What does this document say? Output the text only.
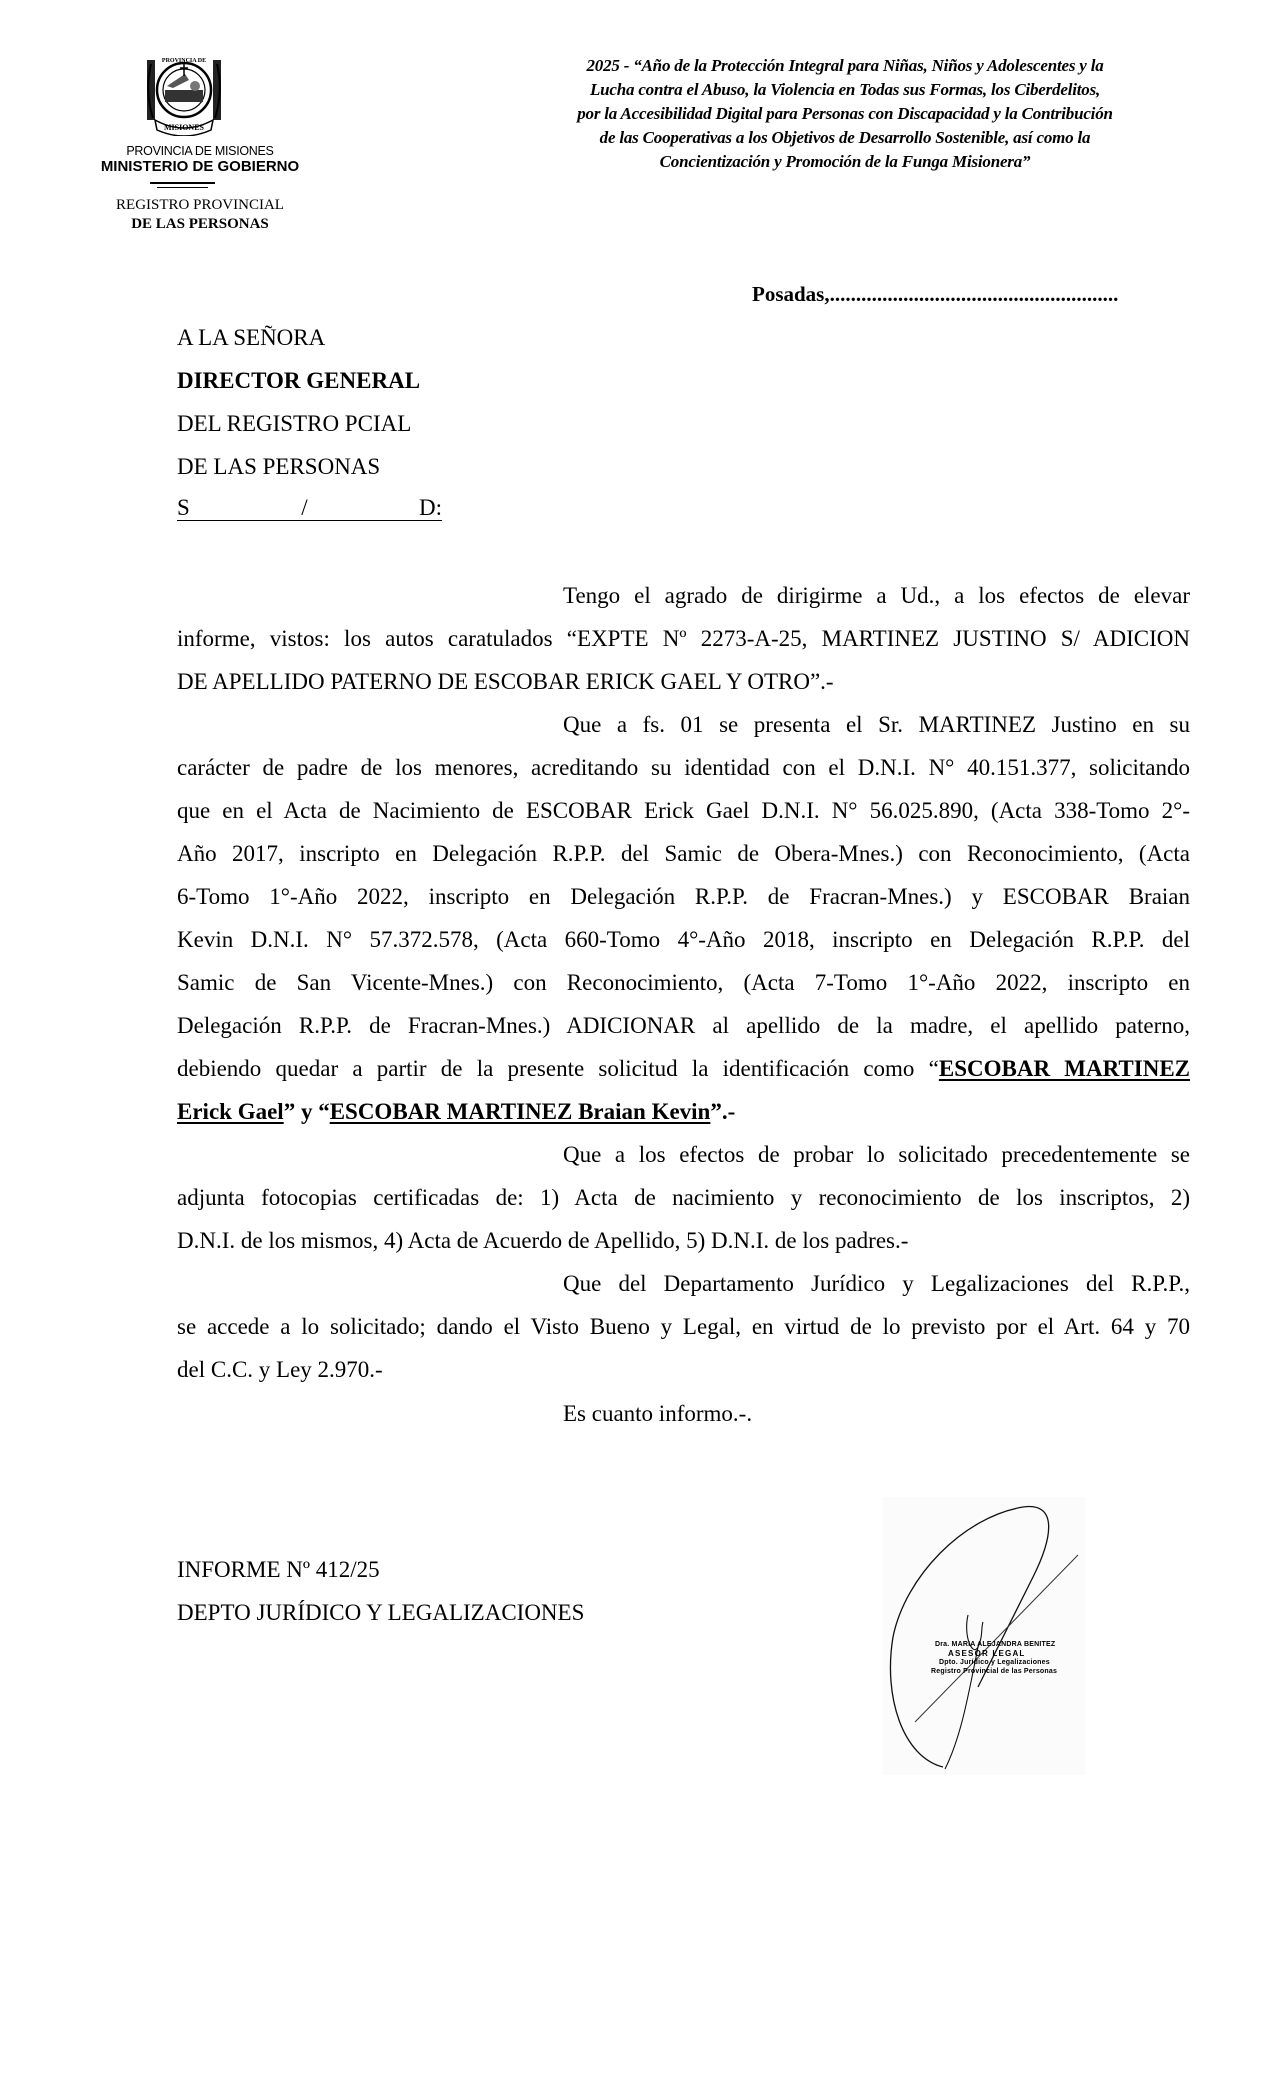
MISIONES
PROVINCIA DE
PROVINCIA DE MISIONES
MINISTERIO DE GOBIERNO
REGISTRO PROVINCIAL
DE LAS PERSONAS
2025 - “Año de la Protección Integral para Niñas, Niños y Adolescentes y la
Lucha contra el Abuso, la Violencia en Todas sus Formas, los Ciberdelitos,
por la Accesibilidad Digital para Personas con Discapacidad y la Contribución
de las Cooperativas a los Objetivos de Desarrollo Sostenible, así como la
Concientización y Promoción de la Funga Misionera”
Posadas,.......................................................
A LA SEÑORA
DIRECTOR GENERAL
DEL REGISTRO PCIAL
DE LAS PERSONAS
S	/	D:
Tengo el agrado de dirigirme a Ud., a los efectos de elevar
informe, vistos: los autos caratulados “EXPTE Nº 2273-A-25, MARTINEZ JUSTINO S/ ADICION
DE APELLIDO PATERNO DE ESCOBAR ERICK GAEL Y OTRO”.-
Que a fs. 01 se presenta el Sr. MARTINEZ Justino en su
carácter de padre de los menores, acreditando su identidad con el D.N.I. N° 40.151.377, solicitando
que en el Acta de Nacimiento de ESCOBAR Erick Gael D.N.I. N° 56.025.890, (Acta 338-Tomo 2°-
Año 2017, inscripto en Delegación R.P.P. del Samic de Obera-Mnes.) con Reconocimiento, (Acta
6-Tomo 1°-Año 2022, inscripto en Delegación R.P.P. de Fracran-Mnes.) y ESCOBAR Braian
Kevin D.N.I. N° 57.372.578, (Acta 660-Tomo 4°-Año 2018, inscripto en Delegación R.P.P. del
Samic de San Vicente-Mnes.) con Reconocimiento, (Acta 7-Tomo 1°-Año 2022, inscripto en
Delegación R.P.P. de Fracran-Mnes.) ADICIONAR al apellido de la madre, el apellido paterno,
debiendo quedar a partir de la presente solicitud la identificación como “ESCOBAR MARTINEZ
Erick Gael” y “ESCOBAR MARTINEZ Braian Kevin”.-
Que a los efectos de probar lo solicitado precedentemente se
adjunta fotocopias certificadas de: 1) Acta de nacimiento y reconocimiento de los inscriptos, 2)
D.N.I. de los mismos, 4) Acta de Acuerdo de Apellido, 5) D.N.I. de los padres.-
Que del Departamento Jurídico y Legalizaciones del R.P.P.,
se accede a lo solicitado; dando el Visto Bueno y Legal, en virtud de lo previsto por el Art. 64 y 70
del C.C. y Ley 2.970.-
Es cuanto informo.-.
INFORME Nº 412/25
DEPTO JURÍDICO Y LEGALIZACIONES
Dra. MARIA ALEJANDRA BENITEZ
ASESOR LEGAL
Dpto. Jurídico y Legalizaciones
Registro Provincial de las Personas
